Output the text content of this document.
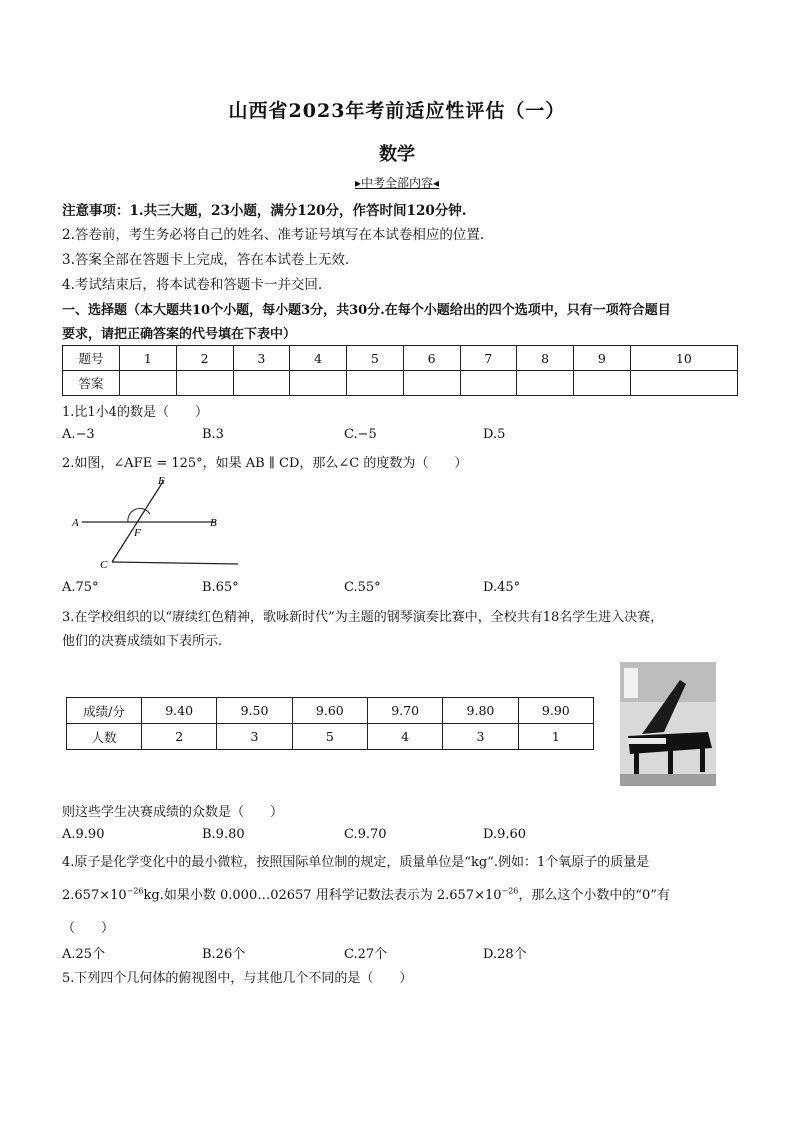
山西省2023年考前适应性评估（一）
数学
▸中考全部内容◂
注意事项：1.共三大题，23小题，满分120分，作答时间120分钟.
2.答卷前，考生务必将自己的姓名、准考证号填写在本试卷相应的位置.
3.答案全部在答题卡上完成，答在本试卷上无效.
4.考试结束后，将本试卷和答题卡一并交回.
一、选择题（本大题共10个小题，每小题3分，共30分.在每个小题给出的四个选项中，只有一项符合题目
要求，请把正确答案的代号填在下表中）
题号	1	2	3	4	5	6	7	8	9	10
答案										
1.比1小4的数是（　　）
A.−3	B.3	C.−5	D.5
2.如图，∠AFE = 125°，如果 AB ∥ CD，那么∠C 的度数为（　　）
E
A	B
F
C
A.75°	B.65°	C.55°	D.45°
3.在学校组织的以“赓续红色精神，歌咏新时代”为主题的钢琴演奏比赛中，全校共有18名学生进入决赛，
他们的决赛成绩如下表所示.
成绩/分	9.40	9.50	9.60	9.70	9.80	9.90
人数	2	3	5	4	3	1
则这些学生决赛成绩的众数是（　　）
A.9.90	B.9.80	C.9.70	D.9.60
4.原子是化学变化中的最小微粒，按照国际单位制的规定，质量单位是“kg”.例如：1个氧原子的质量是
$2.657\times 10^{-26}kg$.如果小数 0.000…02657 用科学记数法表示为 $2.657\times 10^{-26}$，那么这个小数中的“0”有
（　　）
A.25个	B.26个	C.27个	D.28个
5.下列四个几何体的俯视图中，与其他几个不同的是（　　）
